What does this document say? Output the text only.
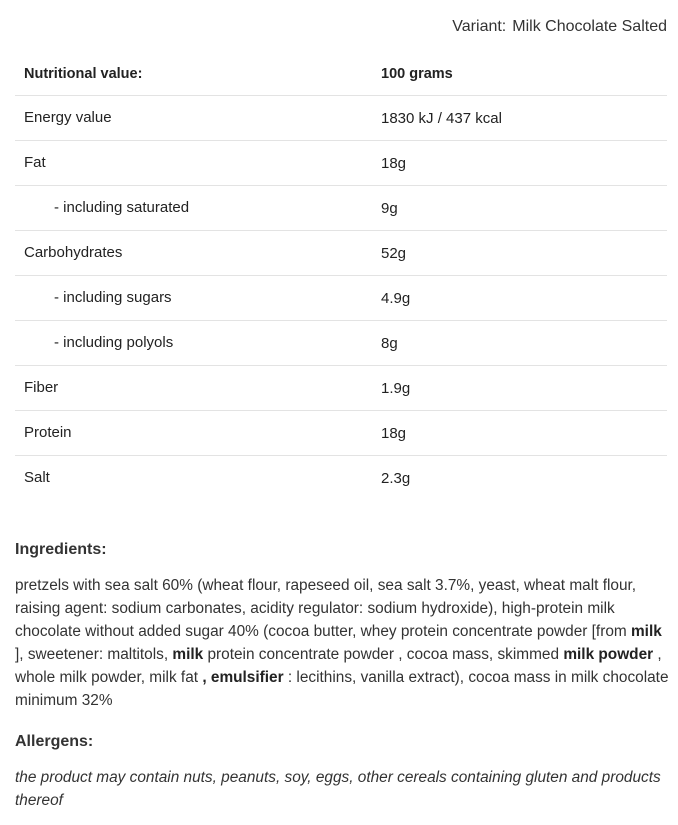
Variant: Milk Chocolate Salted
Nutritional value:	100 grams
Energy value	1830 kJ / 437 kcal
Fat	18g
- including saturated	9g
Carbohydrates	52g
- including sugars	4.9g
- including polyols	8g
Fiber	1.9g
Protein	18g
Salt	2.3g
Ingredients:
pretzels with sea salt 60% (wheat flour, rapeseed oil, sea salt 3.7%, yeast, wheat malt flour, raising agent: sodium carbonates, acidity regulator: sodium hydroxide), high-protein milk chocolate without added sugar 40% (cocoa butter, whey protein concentrate powder [from milk ], sweetener: maltitols, milk protein concentrate powder , cocoa mass, skimmed milk powder , whole milk powder, milk fat , emulsifier : lecithins, vanilla extract), cocoa mass in milk chocolate minimum 32%
Allergens:
the product may contain nuts, peanuts, soy, eggs, other cereals containing gluten and products thereof
